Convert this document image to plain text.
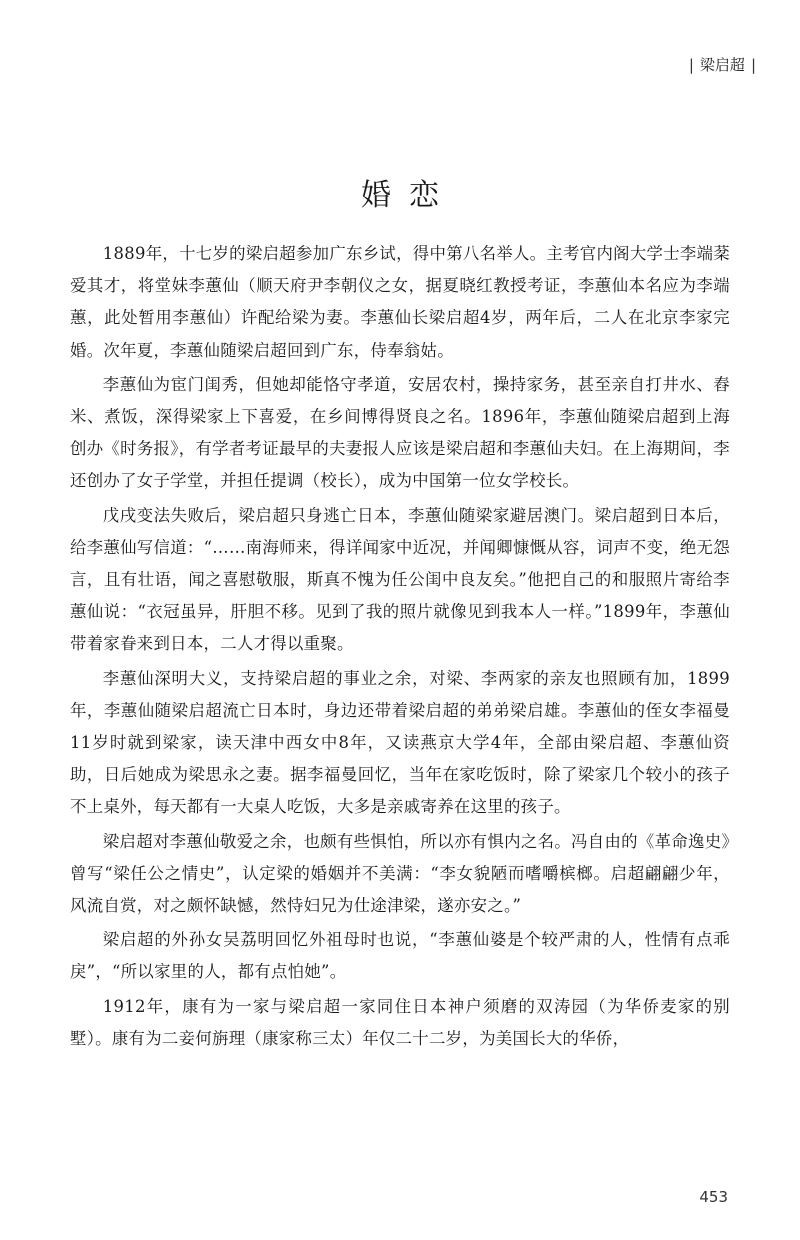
| 梁启超 |
婚恋

1889年，十七岁的梁启超参加广东乡试，得中第八名举人。主考官内阁大学士李端棻爱其才，将堂妹李蕙仙（顺天府尹李朝仪之女，据夏晓红教授考证，李蕙仙本名应为李端蕙，此处暂用李蕙仙）许配给梁为妻。李蕙仙长梁启超4岁，两年后，二人在北京李家完婚。次年夏，李蕙仙随梁启超回到广东，侍奉翁姑。

李蕙仙为宦门闺秀，但她却能恪守孝道，安居农村，操持家务，甚至亲自打井水、舂米、煮饭，深得梁家上下喜爱，在乡间博得贤良之名。1896年，李蕙仙随梁启超到上海创办《时务报》，有学者考证最早的夫妻报人应该是梁启超和李蕙仙夫妇。在上海期间，李还创办了女子学堂，并担任提调（校长），成为中国第一位女学校长。

戊戌变法失败后，梁启超只身逃亡日本，李蕙仙随梁家避居澳门。梁启超到日本后，给李蕙仙写信道：“……南海师来，得详闻家中近况，并闻卿慷慨从容，词声不变，绝无怨言，且有壮语，闻之喜慰敬服，斯真不愧为任公闺中良友矣。”他把自己的和服照片寄给李蕙仙说：“衣冠虽异，肝胆不移。见到了我的照片就像见到我本人一样。”1899年，李蕙仙带着家眷来到日本，二人才得以重聚。

李蕙仙深明大义，支持梁启超的事业之余，对梁、李两家的亲友也照顾有加，1899年，李蕙仙随梁启超流亡日本时，身边还带着梁启超的弟弟梁启雄。李蕙仙的侄女李福曼11岁时就到梁家，读天津中西女中8年，又读燕京大学4年，全部由梁启超、李蕙仙资助，日后她成为梁思永之妻。据李福曼回忆，当年在家吃饭时，除了梁家几个较小的孩子不上桌外，每天都有一大桌人吃饭，大多是亲戚寄养在这里的孩子。

梁启超对李蕙仙敬爱之余，也颇有些惧怕，所以亦有惧内之名。冯自由的《革命逸史》曾写“梁任公之情史”，认定梁的婚姻并不美满：“李女貌陋而嗜嚼槟榔。启超翩翩少年，风流自赏，对之颇怀缺憾，然恃妇兄为仕途津梁，遂亦安之。”

梁启超的外孙女吴荔明回忆外祖母时也说，“李蕙仙婆是个较严肃的人，性情有点乖戾”，“所以家里的人，都有点怕她”。

1912年，康有为一家与梁启超一家同住日本神户须磨的双涛园（为华侨麦家的别墅）。康有为二妾何旃理（康家称三太）年仅二十二岁，为美国长大的华侨，

453
